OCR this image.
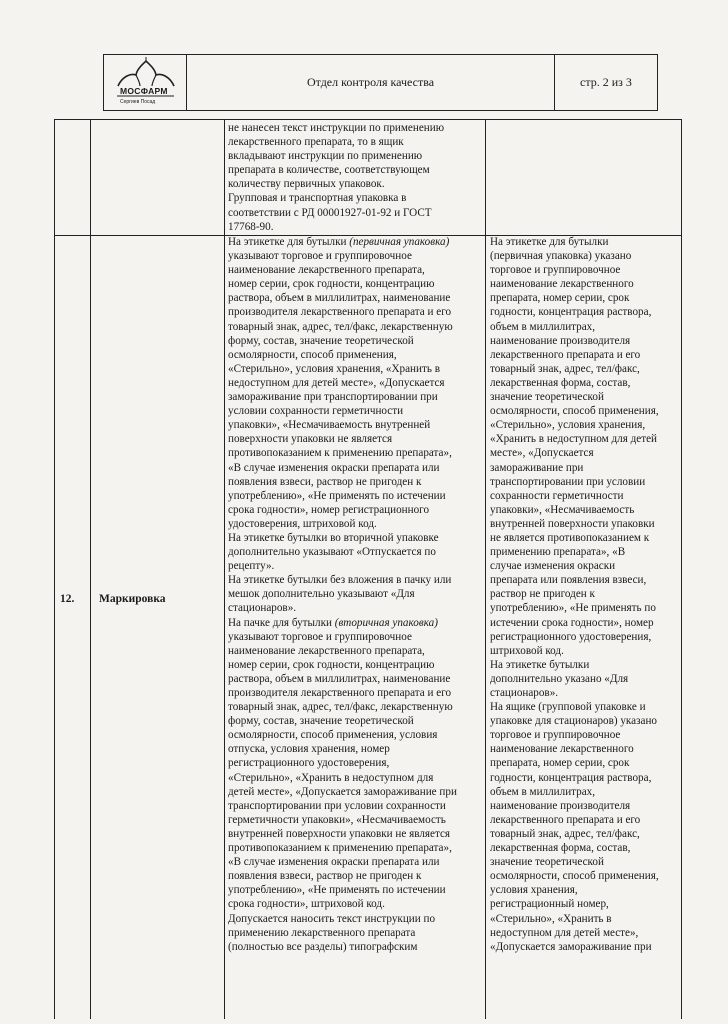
МОСФАРМ
Сергиев Посад
Отдел контроля качества	стр. 2 из 3

не нанесен текст инструкции по применению

лекарственного препарата, то в ящик

вкладывают инструкции по применению

препарата в количестве, соответствующем

количеству первичных упаковок.

Групповая и транспортная упаковка в

соответствии с РД 00001927-01-92 и ГОСТ

17768-90.

12. Маркировка

На этикетке для бутылки (первичная упаковка)

указывают торговое и группировочное

наименование лекарственного препарата,

номер серии, срок годности, концентрацию

раствора, объем в миллилитрах, наименование

производителя лекарственного препарата и его

товарный знак, адрес, тел/факс, лекарственную

форму, состав, значение теоретической

осмолярности, способ применения,

«Стерильно», условия хранения, «Хранить в

недоступном для детей месте», «Допускается

замораживание при транспортировании при

условии сохранности герметичности

упаковки», «Несмачиваемость внутренней

поверхности упаковки не является

противопоказанием к применению препарата»,

«В случае изменения окраски препарата или

появления взвеси, раствор не пригоден к

употреблению», «Не применять по истечении

срока годности», номер регистрационного

удостоверения, штриховой код.

На этикетке бутылки во вторичной упаковке

дополнительно указывают «Отпускается по

рецепту».

На этикетке бутылки без вложения в пачку или

мешок дополнительно указывают «Для

стационаров».

На пачке для бутылки (вторичная упаковка)

указывают торговое и группировочное

наименование лекарственного препарата,

номер серии, срок годности, концентрацию

раствора, объем в миллилитрах, наименование

производителя лекарственного препарата и его

товарный знак, адрес, тел/факс, лекарственную

форму, состав, значение теоретической

осмолярности, способ применения, условия

отпуска, условия хранения, номер

регистрационного удостоверения,

«Стерильно», «Хранить в недоступном для

детей месте», «Допускается замораживание при

транспортировании при условии сохранности

герметичности упаковки», «Несмачиваемость

внутренней поверхности упаковки не является

противопоказанием к применению препарата»,

«В случае изменения окраски препарата или

появления взвеси, раствор не пригоден к

употреблению», «Не применять по истечении

срока годности», штриховой код.

Допускается наносить текст инструкции по

применению лекарственного препарата

(полностью все разделы) типографским

На этикетке для бутылки

(первичная упаковка) указано

торговое и группировочное

наименование лекарственного

препарата, номер серии, срок

годности, концентрация раствора,

объем в миллилитрах,

наименование производителя

лекарственного препарата и его

товарный знак, адрес, тел/факс,

лекарственная форма, состав,

значение теоретической

осмолярности, способ применения,

«Стерильно», условия хранения,

«Хранить в недоступном для детей

месте», «Допускается

замораживание при

транспортировании при условии

сохранности герметичности

упаковки», «Несмачиваемость

внутренней поверхности упаковки

не является противопоказанием к

применению препарата», «В

случае изменения окраски

препарата или появления взвеси,

раствор не пригоден к

употреблению», «Не применять по

истечении срока годности», номер

регистрационного удостоверения,

штриховой код.

На этикетке бутылки

дополнительно указано «Для

стационаров».

На ящике (групповой упаковке и

упаковке для стационаров) указано

торговое и группировочное

наименование лекарственного

препарата, номер серии, срок

годности, концентрация раствора,

объем в миллилитрах,

наименование производителя

лекарственного препарата и его

товарный знак, адрес, тел/факс,

лекарственная форма, состав,

значение теоретической

осмолярности, способ применения,

условия хранения,

регистрационный номер,

«Стерильно», «Хранить в

недоступном для детей месте»,

«Допускается замораживание при
